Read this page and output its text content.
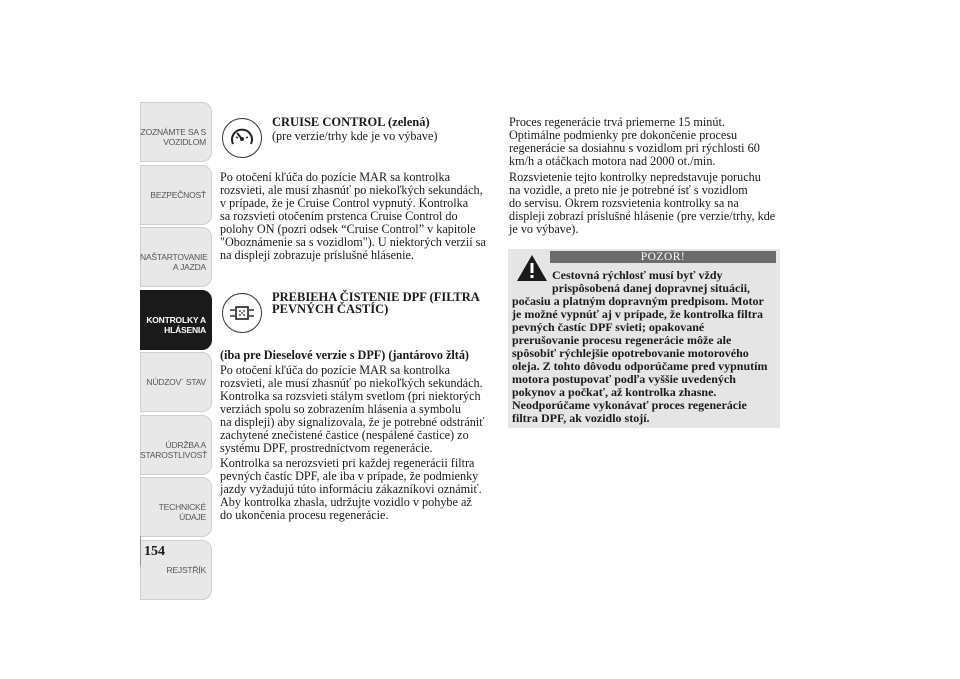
ZOZNÁMTE SA S
VOZIDLOM
BEZPEČNOSŤ
NAŠTARTOVANIE
A JAZDA
KONTROLKY A
HLÁSENIA
NÚDZOV´ STAV
ÚDRŽBA A
STAROSTLIVOSŤ
TECHNICKÉ
ÚDAJE
REJSTŘÍK
154
CRUISE CONTROL (zelená)
(pre verzie/trhy kde je vo výbave)
Po otočení kľúča do pozície MAR sa kontrolka
rozsvieti, ale musí zhasnúť po niekoľkých sekundách,
v prípade, že je Cruise Control vypnutý. Kontrolka
sa rozsvieti otočením prstenca Cruise Control do
polohy ON (pozri odsek “Cruise Control” v kapitole
"Oboznámenie sa s vozidlom"). U niektorých verzií sa
na displeji zobrazuje príslušné hlásenie.
PREBIEHA ČISTENIE DPF (FILTRA
PEVNÝCH ČASTÍC)
(iba pre Dieselové verzie s DPF) (jantárovo žltá)
Po otočení kľúča do pozície MAR sa kontrolka
rozsvieti, ale musí zhasnúť po niekoľkých sekundách.
Kontrolka sa rozsvieti stálym svetlom (pri niektorých
verziách spolu so zobrazením hlásenia a symbolu
na displeji) aby signalizovala, že je potrebné odstrániť
zachytené znečistené častice (nespálené častice) zo
systému DPF, prostredníctvom regenerácie.
Kontrolka sa nerozsvieti pri každej regenerácii filtra
pevných častíc DPF, ale iba v prípade, že podmienky
jazdy vyžadujú túto informáciu zákazníkovi oznámiť.
Aby kontrolka zhasla, udržujte vozidlo v pohybe až
do ukončenia procesu regenerácie.
Proces regenerácie trvá priemerne 15 minút.
Optimálne podmienky pre dokončenie procesu
regenerácie sa dosiahnu s vozidlom pri rýchlosti 60
km/h a otáčkach motora nad 2000 ot./min.
Rozsvietenie tejto kontrolky nepredstavuje poruchu
na vozidle, a preto nie je potrebné ísť s vozidlom
do servisu. Okrem rozsvietenia kontrolky sa na
displeji zobrazí príslušné hlásenie (pre verzie/trhy, kde
je vo výbave).
POZOR!
Cestovná rýchlosť musí byť vždy
prispôsobená danej dopravnej situácii,
počasiu a platným dopravným predpisom. Motor
je možné vypnúť aj v prípade, že kontrolka filtra
pevných častíc DPF svieti; opakované
prerušovanie procesu regenerácie môže ale
spôsobiť rýchlejšie opotrebovanie motorového
oleja. Z tohto dôvodu odporúčame pred vypnutím
motora postupovať podľa vyššie uvedených
pokynov a počkať, až kontrolka zhasne.
Neodporúčame vykonávať proces regenerácie
filtra DPF, ak vozidlo stojí.
